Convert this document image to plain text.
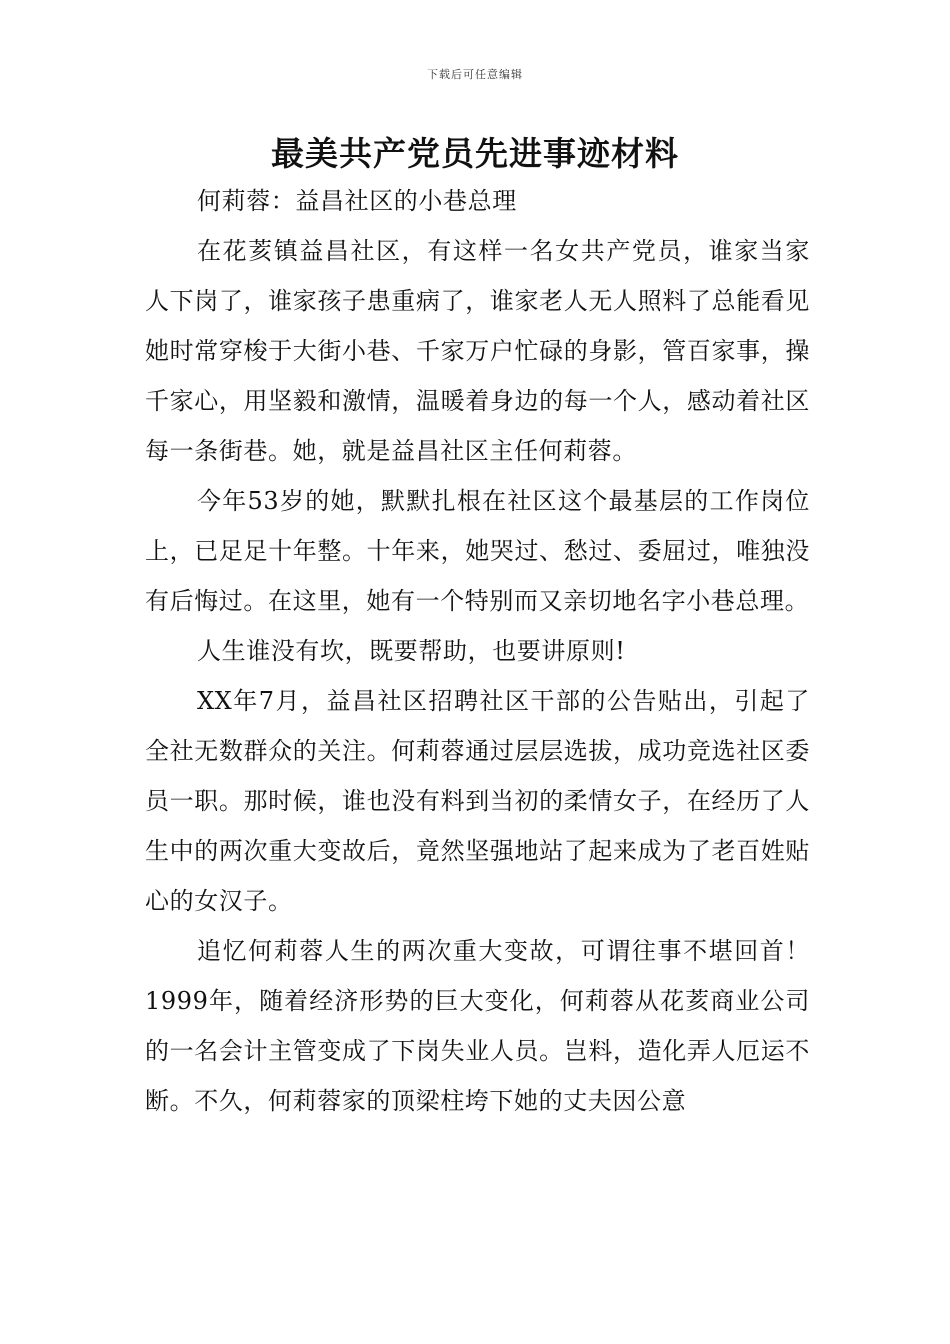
下载后可任意编辑
最美共产党员先进事迹材料

何莉蓉：益昌社区的小巷总理

在花荄镇益昌社区，有这样一名女共产党员，谁家当家人下岗了，谁家孩子患重病了，谁家老人无人照料了总能看见她时常穿梭于大街小巷、千家万户忙碌的身影，管百家事，操千家心，用坚毅和激情，温暖着身边的每一个人，感动着社区每一条街巷。她，就是益昌社区主任何莉蓉。

今年53岁的她，默默扎根在社区这个最基层的工作岗位上，已足足十年整。十年来，她哭过、愁过、委屈过，唯独没有后悔过。在这里，她有一个特别而又亲切地名字小巷总理。

人生谁没有坎，既要帮助，也要讲原则!

XX年7月，益昌社区招聘社区干部的公告贴出，引起了全社无数群众的关注。何莉蓉通过层层选拔，成功竞选社区委员一职。那时候，谁也没有料到当初的柔情女子，在经历了人生中的两次重大变故后，竟然坚强地站了起来成为了老百姓贴心的女汉子。

追忆何莉蓉人生的两次重大变故，可谓往事不堪回首！1999年，随着经济形势的巨大变化，何莉蓉从花荄商业公司的一名会计主管变成了下岗失业人员。岂料，造化弄人厄运不断。不久，何莉蓉家的顶梁柱垮下她的丈夫因公意
